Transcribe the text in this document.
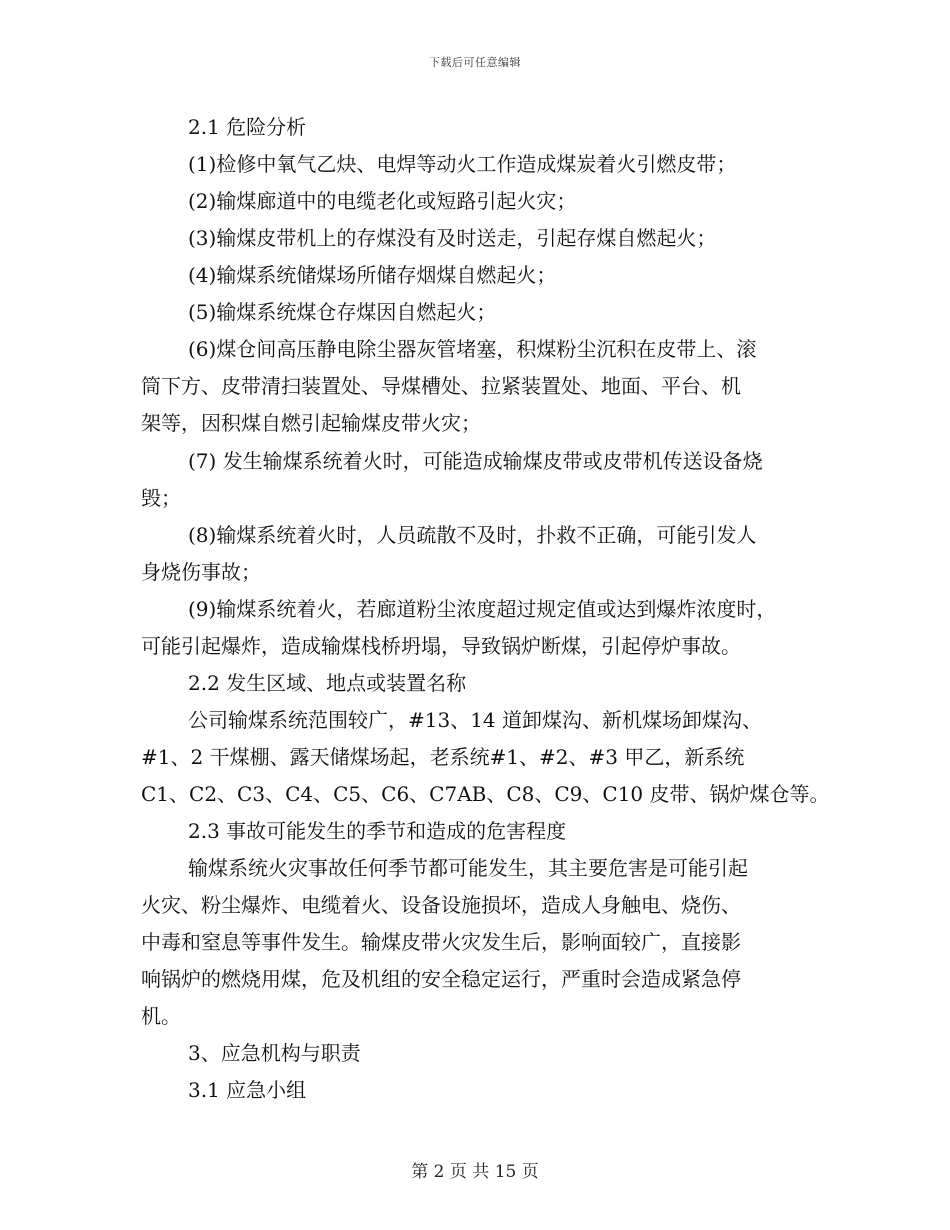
下载后可任意编辑
2.1 危险分析
(1)检修中氧气乙炔、电焊等动火工作造成煤炭着火引燃皮带；
(2)输煤廊道中的电缆老化或短路引起火灾；
(3)输煤皮带机上的存煤没有及时送走，引起存煤自燃起火；
(4)输煤系统储煤场所储存烟煤自燃起火；
(5)输煤系统煤仓存煤因自燃起火；
(6)煤仓间高压静电除尘器灰管堵塞，积煤粉尘沉积在皮带上、滚
筒下方、皮带清扫装置处、导煤槽处、拉紧装置处、地面、平台、机
架等，因积煤自燃引起输煤皮带火灾；
(7) 发生输煤系统着火时，可能造成输煤皮带或皮带机传送设备烧
毁；
(8)输煤系统着火时，人员疏散不及时，扑救不正确，可能引发人
身烧伤事故；
(9)输煤系统着火，若廊道粉尘浓度超过规定值或达到爆炸浓度时，
可能引起爆炸，造成输煤栈桥坍塌，导致锅炉断煤，引起停炉事故。
2.2 发生区域、地点或装置名称
公司输煤系统范围较广，#13、14 道卸煤沟、新机煤场卸煤沟、
#1、2 干煤棚、露天储煤场起，老系统#1、#2、#3 甲乙，新系统
C1、C2、C3、C4、C5、C6、C7AB、C8、C9、C10 皮带、锅炉煤仓等。
2.3 事故可能发生的季节和造成的危害程度
输煤系统火灾事故任何季节都可能发生，其主要危害是可能引起
火灾、粉尘爆炸、电缆着火、设备设施损坏，造成人身触电、烧伤、
中毒和窒息等事件发生。输煤皮带火灾发生后，影响面较广，直接影
响锅炉的燃烧用煤，危及机组的安全稳定运行，严重时会造成紧急停
机。
3、应急机构与职责
3.1 应急小组
第 2 页 共 15 页
